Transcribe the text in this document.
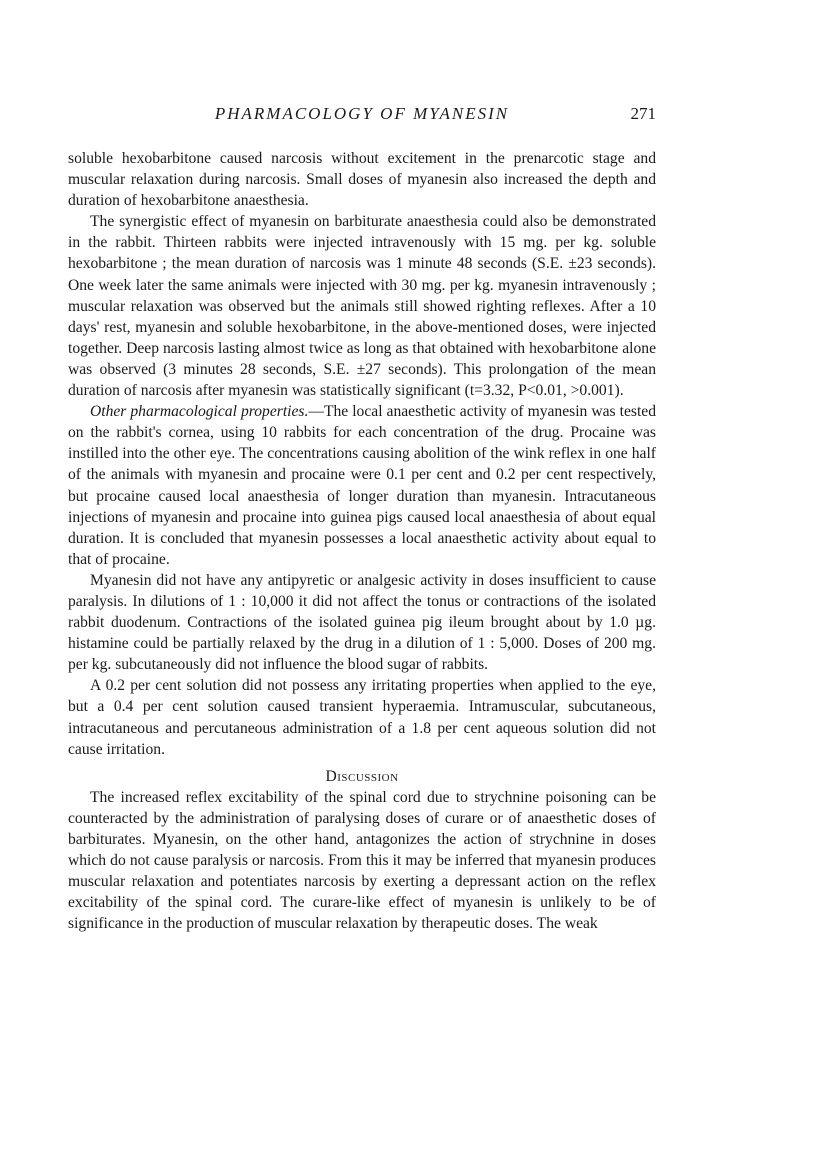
PHARMACOLOGY OF MYANESIN	271

soluble hexobarbitone caused narcosis without excitement in the prenarcotic stage and muscular relaxation during narcosis. Small doses of myanesin also increased the depth and duration of hexobarbitone anaesthesia.

The synergistic effect of myanesin on barbiturate anaesthesia could also be demonstrated in the rabbit. Thirteen rabbits were injected intravenously with 15 mg. per kg. soluble hexobarbitone ; the mean duration of narcosis was 1 minute 48 seconds (S.E. ±23 seconds). One week later the same animals were injected with 30 mg. per kg. myanesin intravenously ; muscular relaxation was observed but the animals still showed righting reflexes. After a 10 days' rest, myanesin and soluble hexobarbitone, in the above-mentioned doses, were injected together. Deep narcosis lasting almost twice as long as that obtained with hexobarbitone alone was observed (3 minutes 28 seconds, S.E. ±27 seconds). This prolongation of the mean duration of narcosis after myanesin was statistically significant (t=3.32, P<0.01, >0.001).

Other pharmacological properties.—The local anaesthetic activity of myanesin was tested on the rabbit's cornea, using 10 rabbits for each concentration of the drug. Procaine was instilled into the other eye. The concentrations causing abolition of the wink reflex in one half of the animals with myanesin and procaine were 0.1 per cent and 0.2 per cent respectively, but procaine caused local anaesthesia of longer duration than myanesin. Intracutaneous injections of myanesin and procaine into guinea pigs caused local anaesthesia of about equal duration. It is concluded that myanesin possesses a local anaesthetic activity about equal to that of procaine.

Myanesin did not have any antipyretic or analgesic activity in doses insufficient to cause paralysis. In dilutions of 1 : 10,000 it did not affect the tonus or contractions of the isolated rabbit duodenum. Contractions of the isolated guinea pig ileum brought about by 1.0 µg. histamine could be partially relaxed by the drug in a dilution of 1 : 5,000. Doses of 200 mg. per kg. subcutaneously did not influence the blood sugar of rabbits.

A 0.2 per cent solution did not possess any irritating properties when applied to the eye, but a 0.4 per cent solution caused transient hyperaemia. Intramuscular, subcutaneous, intracutaneous and percutaneous administration of a 1.8 per cent aqueous solution did not cause irritation.

Discussion

The increased reflex excitability of the spinal cord due to strychnine poisoning can be counteracted by the administration of paralysing doses of curare or of anaesthetic doses of barbiturates. Myanesin, on the other hand, antagonizes the action of strychnine in doses which do not cause paralysis or narcosis. From this it may be inferred that myanesin produces muscular relaxation and potentiates narcosis by exerting a depressant action on the reflex excitability of the spinal cord. The curare-like effect of myanesin is unlikely to be of significance in the production of muscular relaxation by therapeutic doses. The weak
